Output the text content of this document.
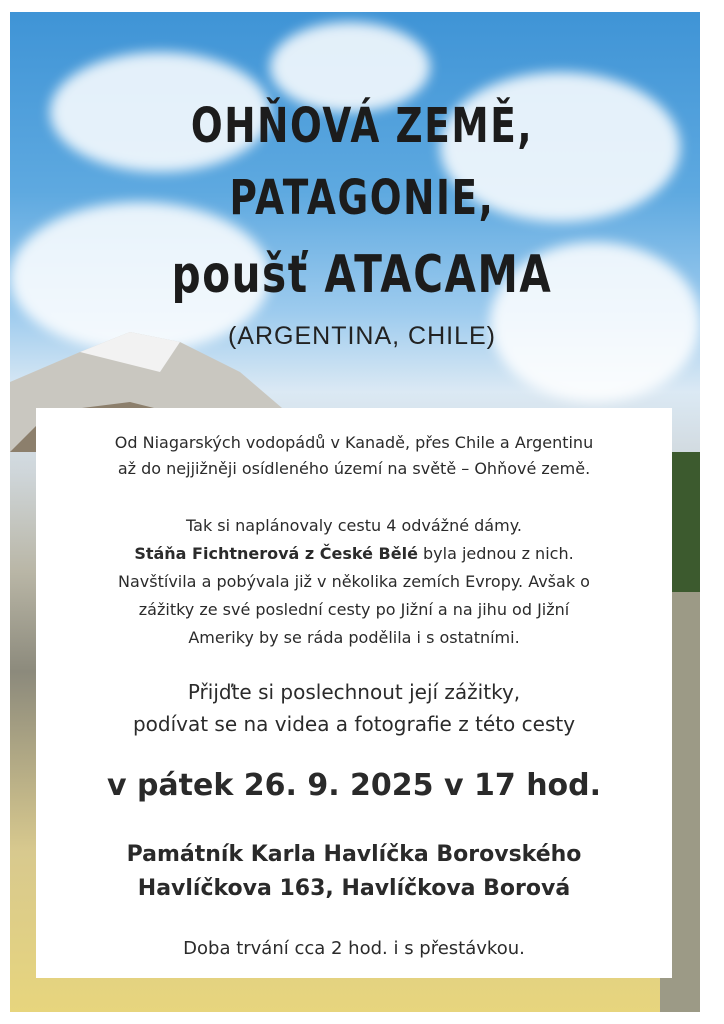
OHŇOVÁ ZEMĚ,
PATAGONIE,
poušť ATACAMA
(ARGENTINA, CHILE)

Od Niagarských vodopádů v Kanadě, přes Chile a Argentinu
až do nejjižněji osídleného území na světě – Ohňové země.

Tak si naplánovaly cestu 4 odvážné dámy.
Stáňa Fichtnerová z České Bělé byla jednou z nich.
Navštívila a pobývala již v několika zemích Evropy. Avšak o
zážitky ze své poslední cesty po Jižní a na jihu od Jižní
Ameriky by se ráda podělila i s ostatními.

Přijďte si poslechnout její zážitky,
podívat se na videa a fotografie z této cesty

v pátek 26. 9. 2025 v 17 hod.

Památník Karla Havlíčka Borovského
Havlíčkova 163, Havlíčkova Borová

Doba trvání cca 2 hod. i s přestávkou.
